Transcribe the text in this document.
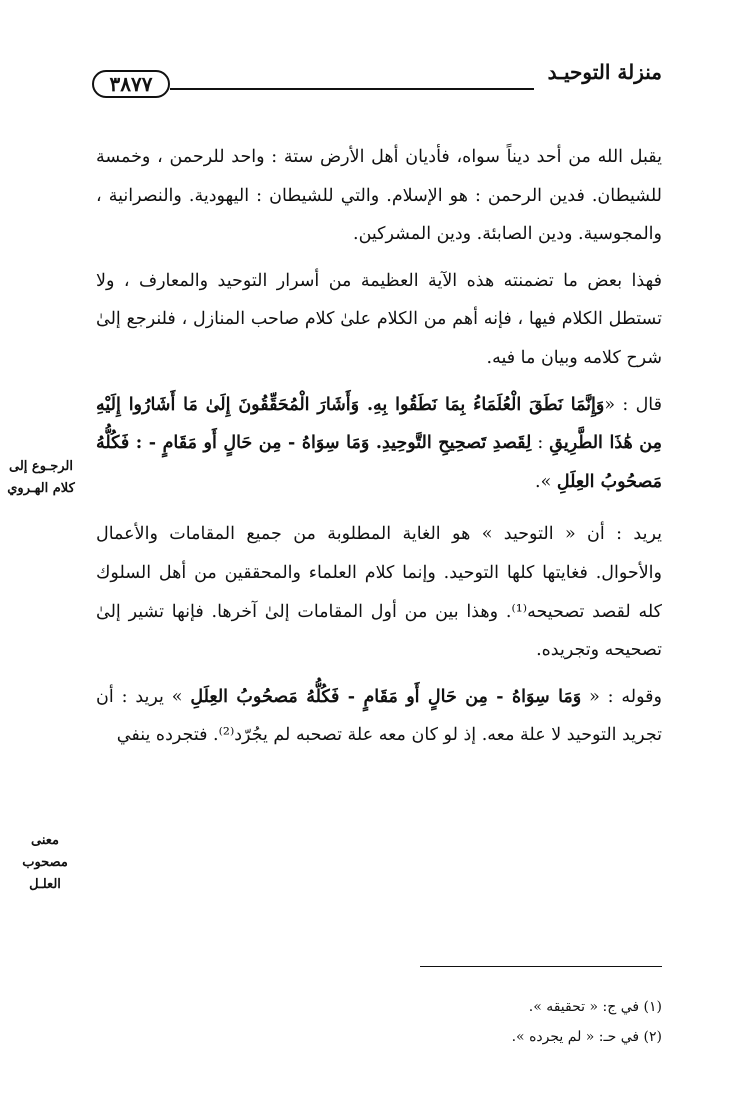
٣٨٧٧	منزلة التوحيـد
الرجـوع إلى كلام الهـروي
معنى مصحوب العلـل

يقبل الله من أحد ديناً سواه، فأديان أهل الأرض ستة : واحد للرحمن ، وخمسة للشيطان. فدين الرحمن : هو الإسلام. والتي للشيطان : اليهودية. والنصرانية ، والمجوسية. ودين الصابئة. ودين المشركين.

فهذا بعض ما تضمنته هذه الآية العظيمة من أسرار التوحيد والمعارف ، ولا تستطل الكلام فيها ، فإنه أهم من الكلام علىٰ كلام صاحب المنازل ، فلنرجع إلىٰ شرح كلامه وبيان ما فيه.

قال : «وَإِنَّمَا نَطَقَ الْعُلَمَاءُ بِمَا نَطَقُوا بِهِ. وَأَشَارَ الْمُحَقِّقُونَ إِلَىٰ مَا أَشَارُوا إِلَيْهِ مِن هَٰذَا الطَّرِيقِ : لِقَصدِ تَصحِيحِ التَّوحِيدِ. وَمَا سِوَاهُ - مِن حَالٍ أَو مَقَامٍ - : فَكُلُّهُ مَصحُوبُ العِلَلِ ».

يريد : أن « التوحيد » هو الغاية المطلوبة من جميع المقامات والأعمال والأحوال. فغايتها كلها التوحيد. وإنما كلام العلماء والمحققين من أهل السلوك كله لقصد تصحيحه⁽¹⁾. وهذا بين من أول المقامات إلىٰ آخرها. فإنها تشير إلىٰ تصحيحه وتجريده.

وقوله : « وَمَا سِوَاهُ - مِن حَالٍ أَو مَقَامٍ - فَكُلُّهُ مَصحُوبُ العِلَلِ » يريد : أن تجريد التوحيد لا علة معه. إذ لو كان معه علة تصحبه لم يجُرّد⁽²⁾. فتجرده ينفي

(١) في ج: « تحقيقه ».

(٢) في حـ: « لم يجرده ».
